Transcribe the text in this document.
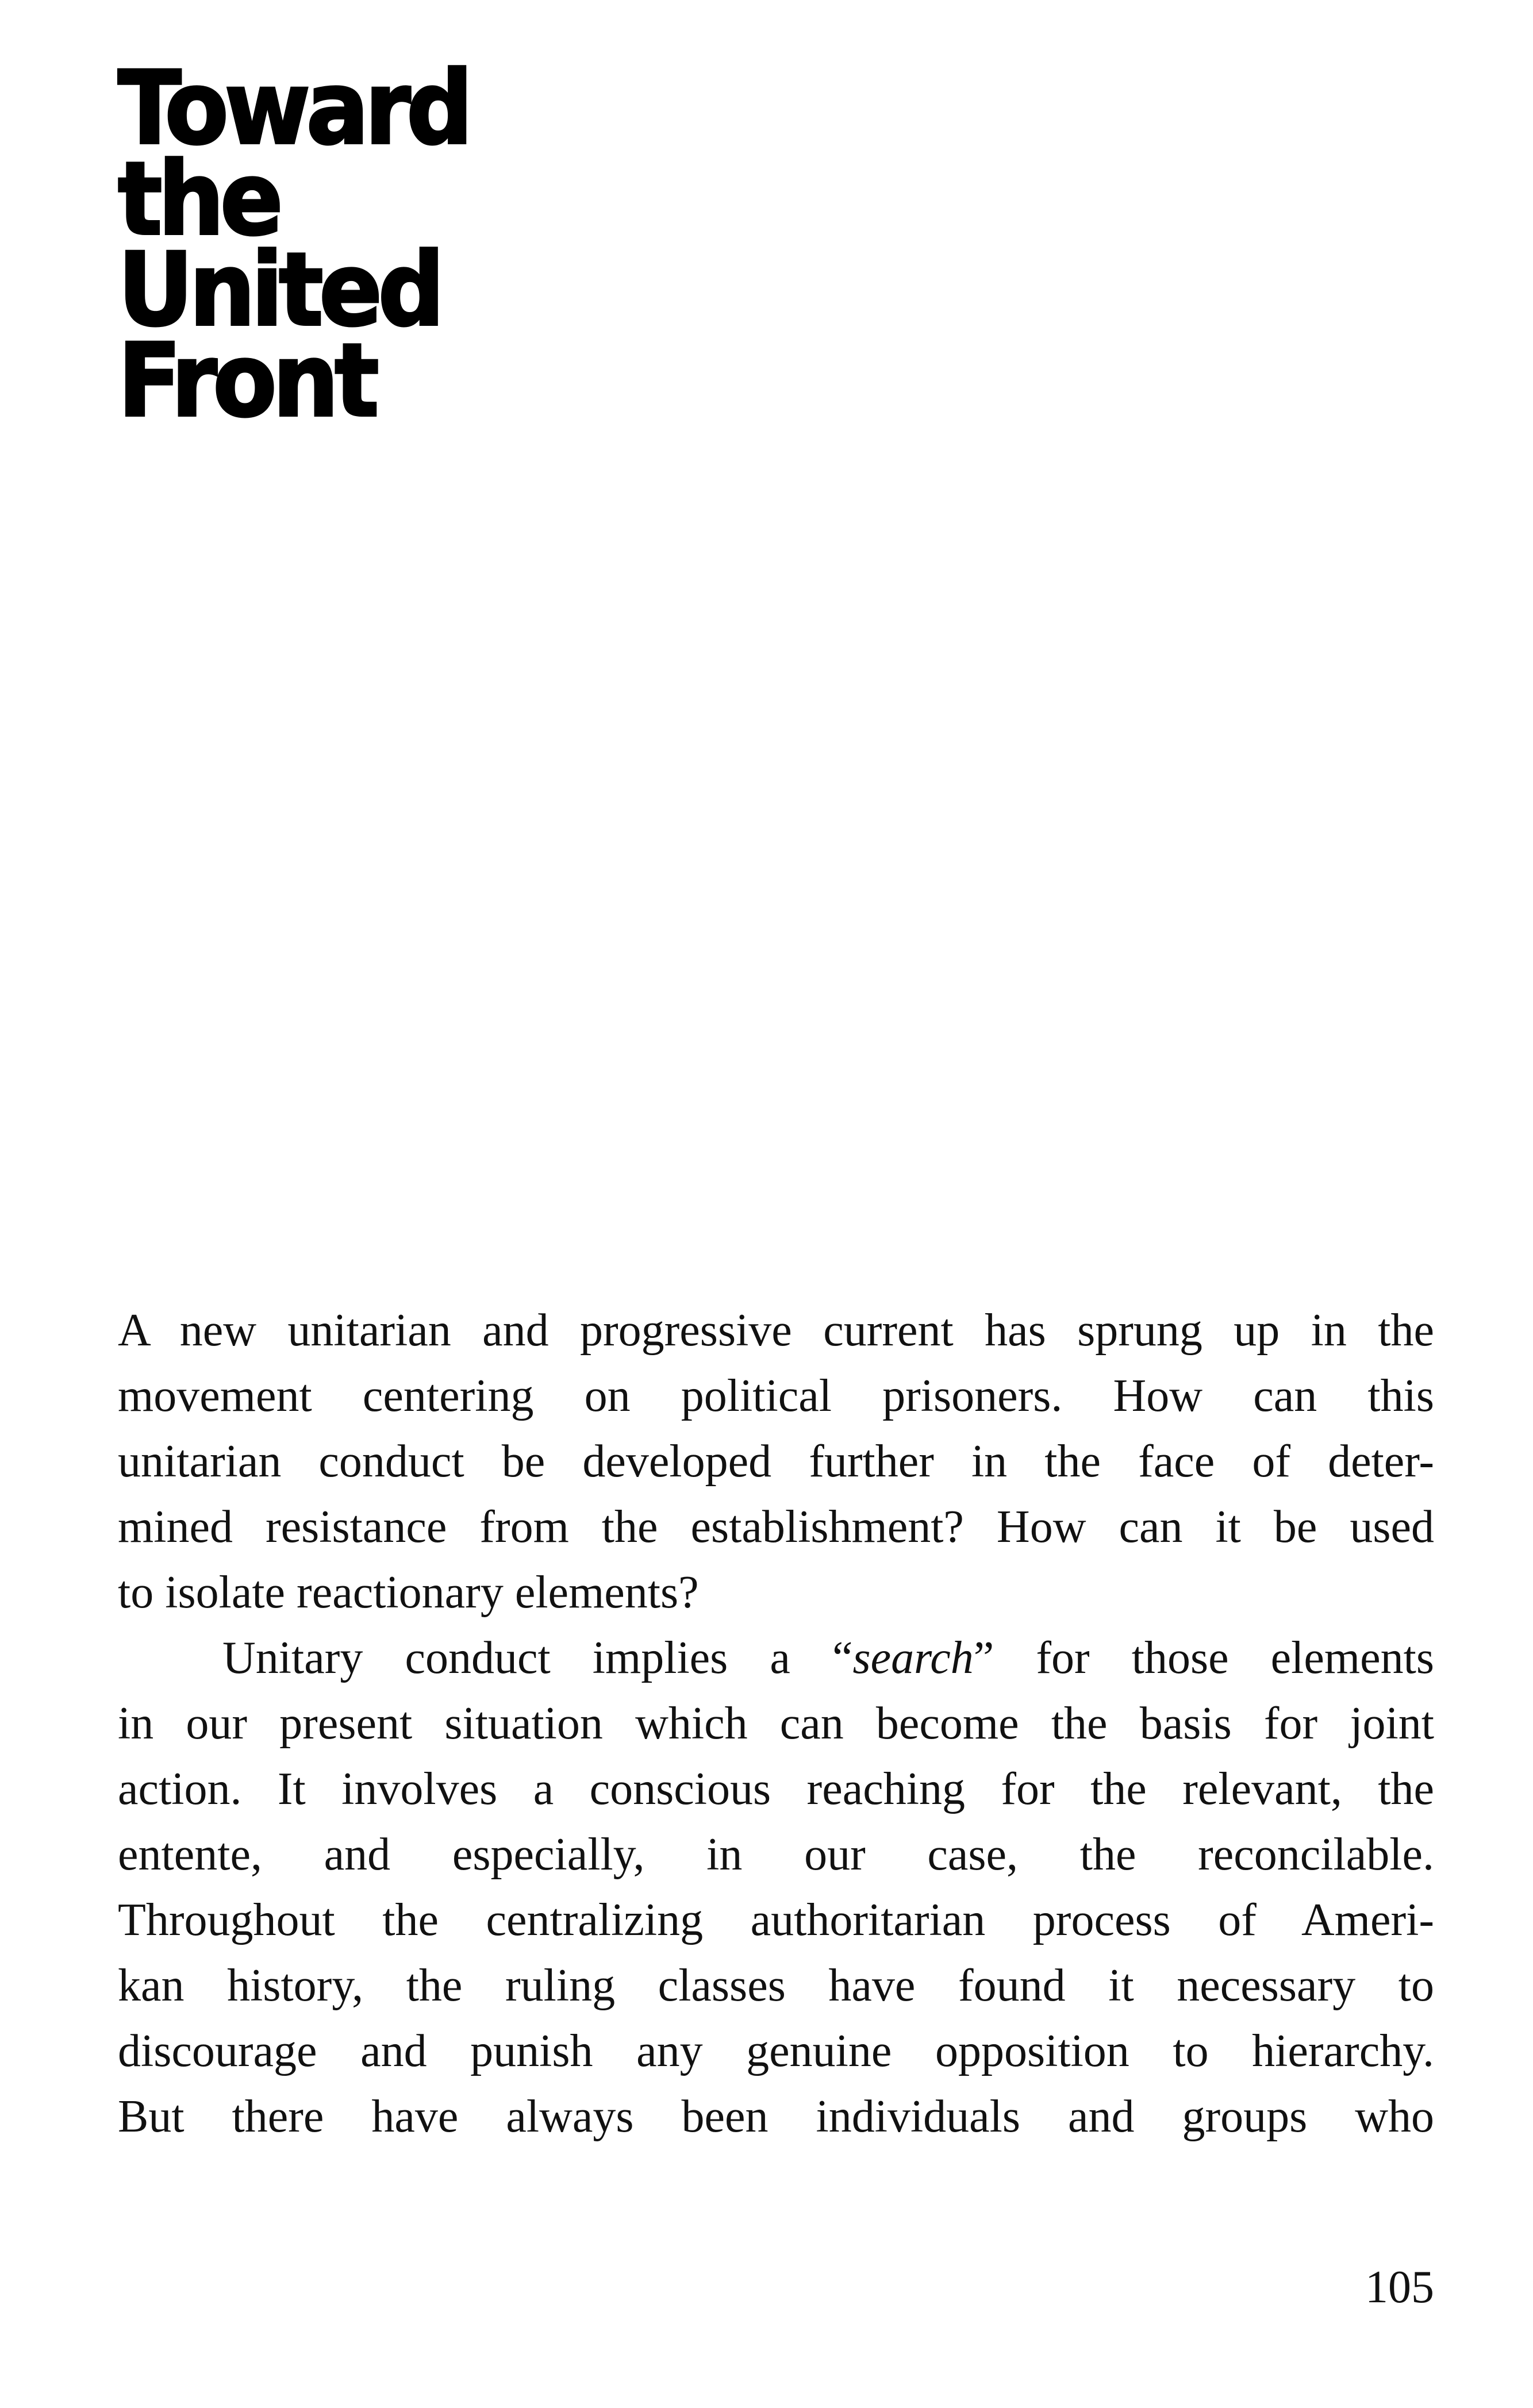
Toward
the
United
Front
A new unitarian and progressive current has sprung up in the
movement centering on political prisoners. How can this
unitarian conduct be developed further in the face of deter-
mined resistance from the establishment? How can it be used
to isolate reactionary elements?
Unitary conduct implies a “search” for those elements
in our present situation which can become the basis for joint
action. It involves a conscious reaching for the relevant, the
entente, and especially, in our case, the reconcilable.
Throughout the centralizing authoritarian process of Ameri-
kan history, the ruling classes have found it necessary to
discourage and punish any genuine opposition to hierarchy.
But there have always been individuals and groups who
105
